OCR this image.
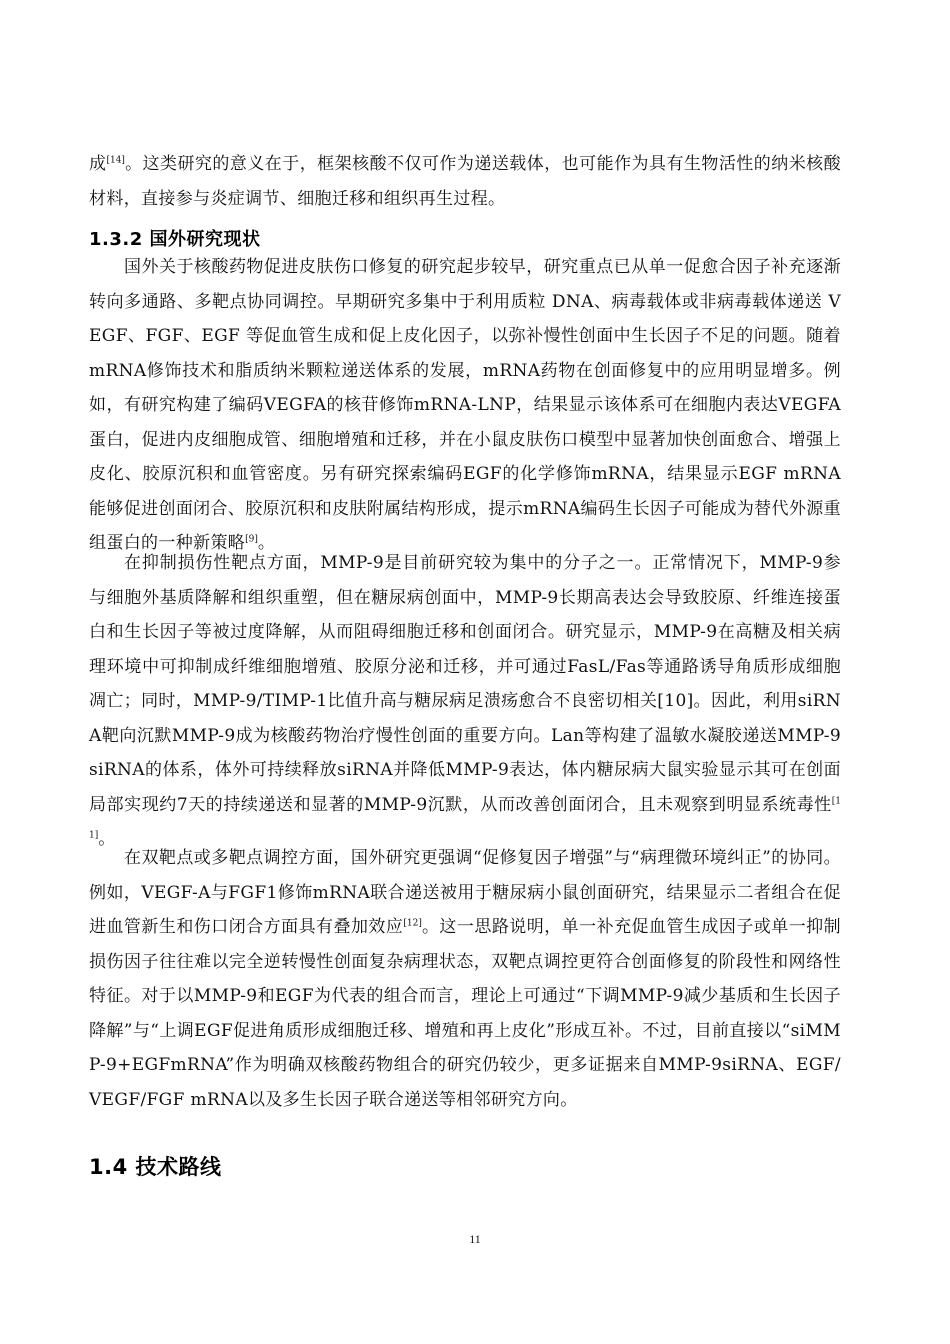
成[14]。这类研究的意义在于，框架核酸不仅可作为递送载体，也可能作为具有生物活性的纳米核酸材料，直接参与炎症调节、细胞迁移和组织再生过程。

1.3.2 国外研究现状

国外关于核酸药物促进皮肤伤口修复的研究起步较早，研究重点已从单一促愈合因子补充逐渐转向多通路、多靶点协同调控。早期研究多集中于利用质粒 DNA、病毒载体或非病毒载体递送 VEGF、FGF、EGF 等促血管生成和促上皮化因子，以弥补慢性创面中生长因子不足的问题。随着mRNA修饰技术和脂质纳米颗粒递送体系的发展，mRNA药物在创面修复中的应用明显增多。例如，有研究构建了编码VEGFA的核苷修饰mRNA-LNP，结果显示该体系可在细胞内表达VEGFA蛋白，促进内皮细胞成管、细胞增殖和迁移，并在小鼠皮肤伤口模型中显著加快创面愈合、增强上皮化、胶原沉积和血管密度。另有研究探索编码EGF的化学修饰mRNA，结果显示EGF mRNA能够促进创面闭合、胶原沉积和皮肤附属结构形成，提示mRNA编码生长因子可能成为替代外源重组蛋白的一种新策略[9]。

在抑制损伤性靶点方面，MMP-9是目前研究较为集中的分子之一。正常情况下，MMP-9参与细胞外基质降解和组织重塑，但在糖尿病创面中，MMP-9长期高表达会导致胶原、纤维连接蛋白和生长因子等被过度降解，从而阻碍细胞迁移和创面闭合。研究显示，MMP-9在高糖及相关病理环境中可抑制成纤维细胞增殖、胶原分泌和迁移，并可通过FasL/Fas等通路诱导角质形成细胞凋亡；同时，MMP-9/TIMP-1比值升高与糖尿病足溃疡愈合不良密切相关[10]。因此，利用siRNA靶向沉默MMP-9成为核酸药物治疗慢性创面的重要方向。Lan等构建了温敏水凝胶递送MMP-9siRNA的体系，体外可持续释放siRNA并降低MMP-9表达，体内糖尿病大鼠实验显示其可在创面局部实现约7天的持续递送和显著的MMP-9沉默，从而改善创面闭合，且未观察到明显系统毒性[11]。

在双靶点或多靶点调控方面，国外研究更强调“促修复因子增强”与“病理微环境纠正”的协同。例如，VEGF-A与FGF1修饰mRNA联合递送被用于糖尿病小鼠创面研究，结果显示二者组合在促进血管新生和伤口闭合方面具有叠加效应[12]。这一思路说明，单一补充促血管生成因子或单一抑制损伤因子往往难以完全逆转慢性创面复杂病理状态，双靶点调控更符合创面修复的阶段性和网络性特征。对于以MMP-9和EGF为代表的组合而言，理论上可通过“下调MMP-9减少基质和生长因子降解”与“上调EGF促进角质形成细胞迁移、增殖和再上皮化”形成互补。不过，目前直接以“siMMP-9+EGFmRNA”作为明确双核酸药物组合的研究仍较少，更多证据来自MMP-9siRNA、EGF/VEGF/FGF mRNA以及多生长因子联合递送等相邻研究方向。

1.4 技术路线
11
